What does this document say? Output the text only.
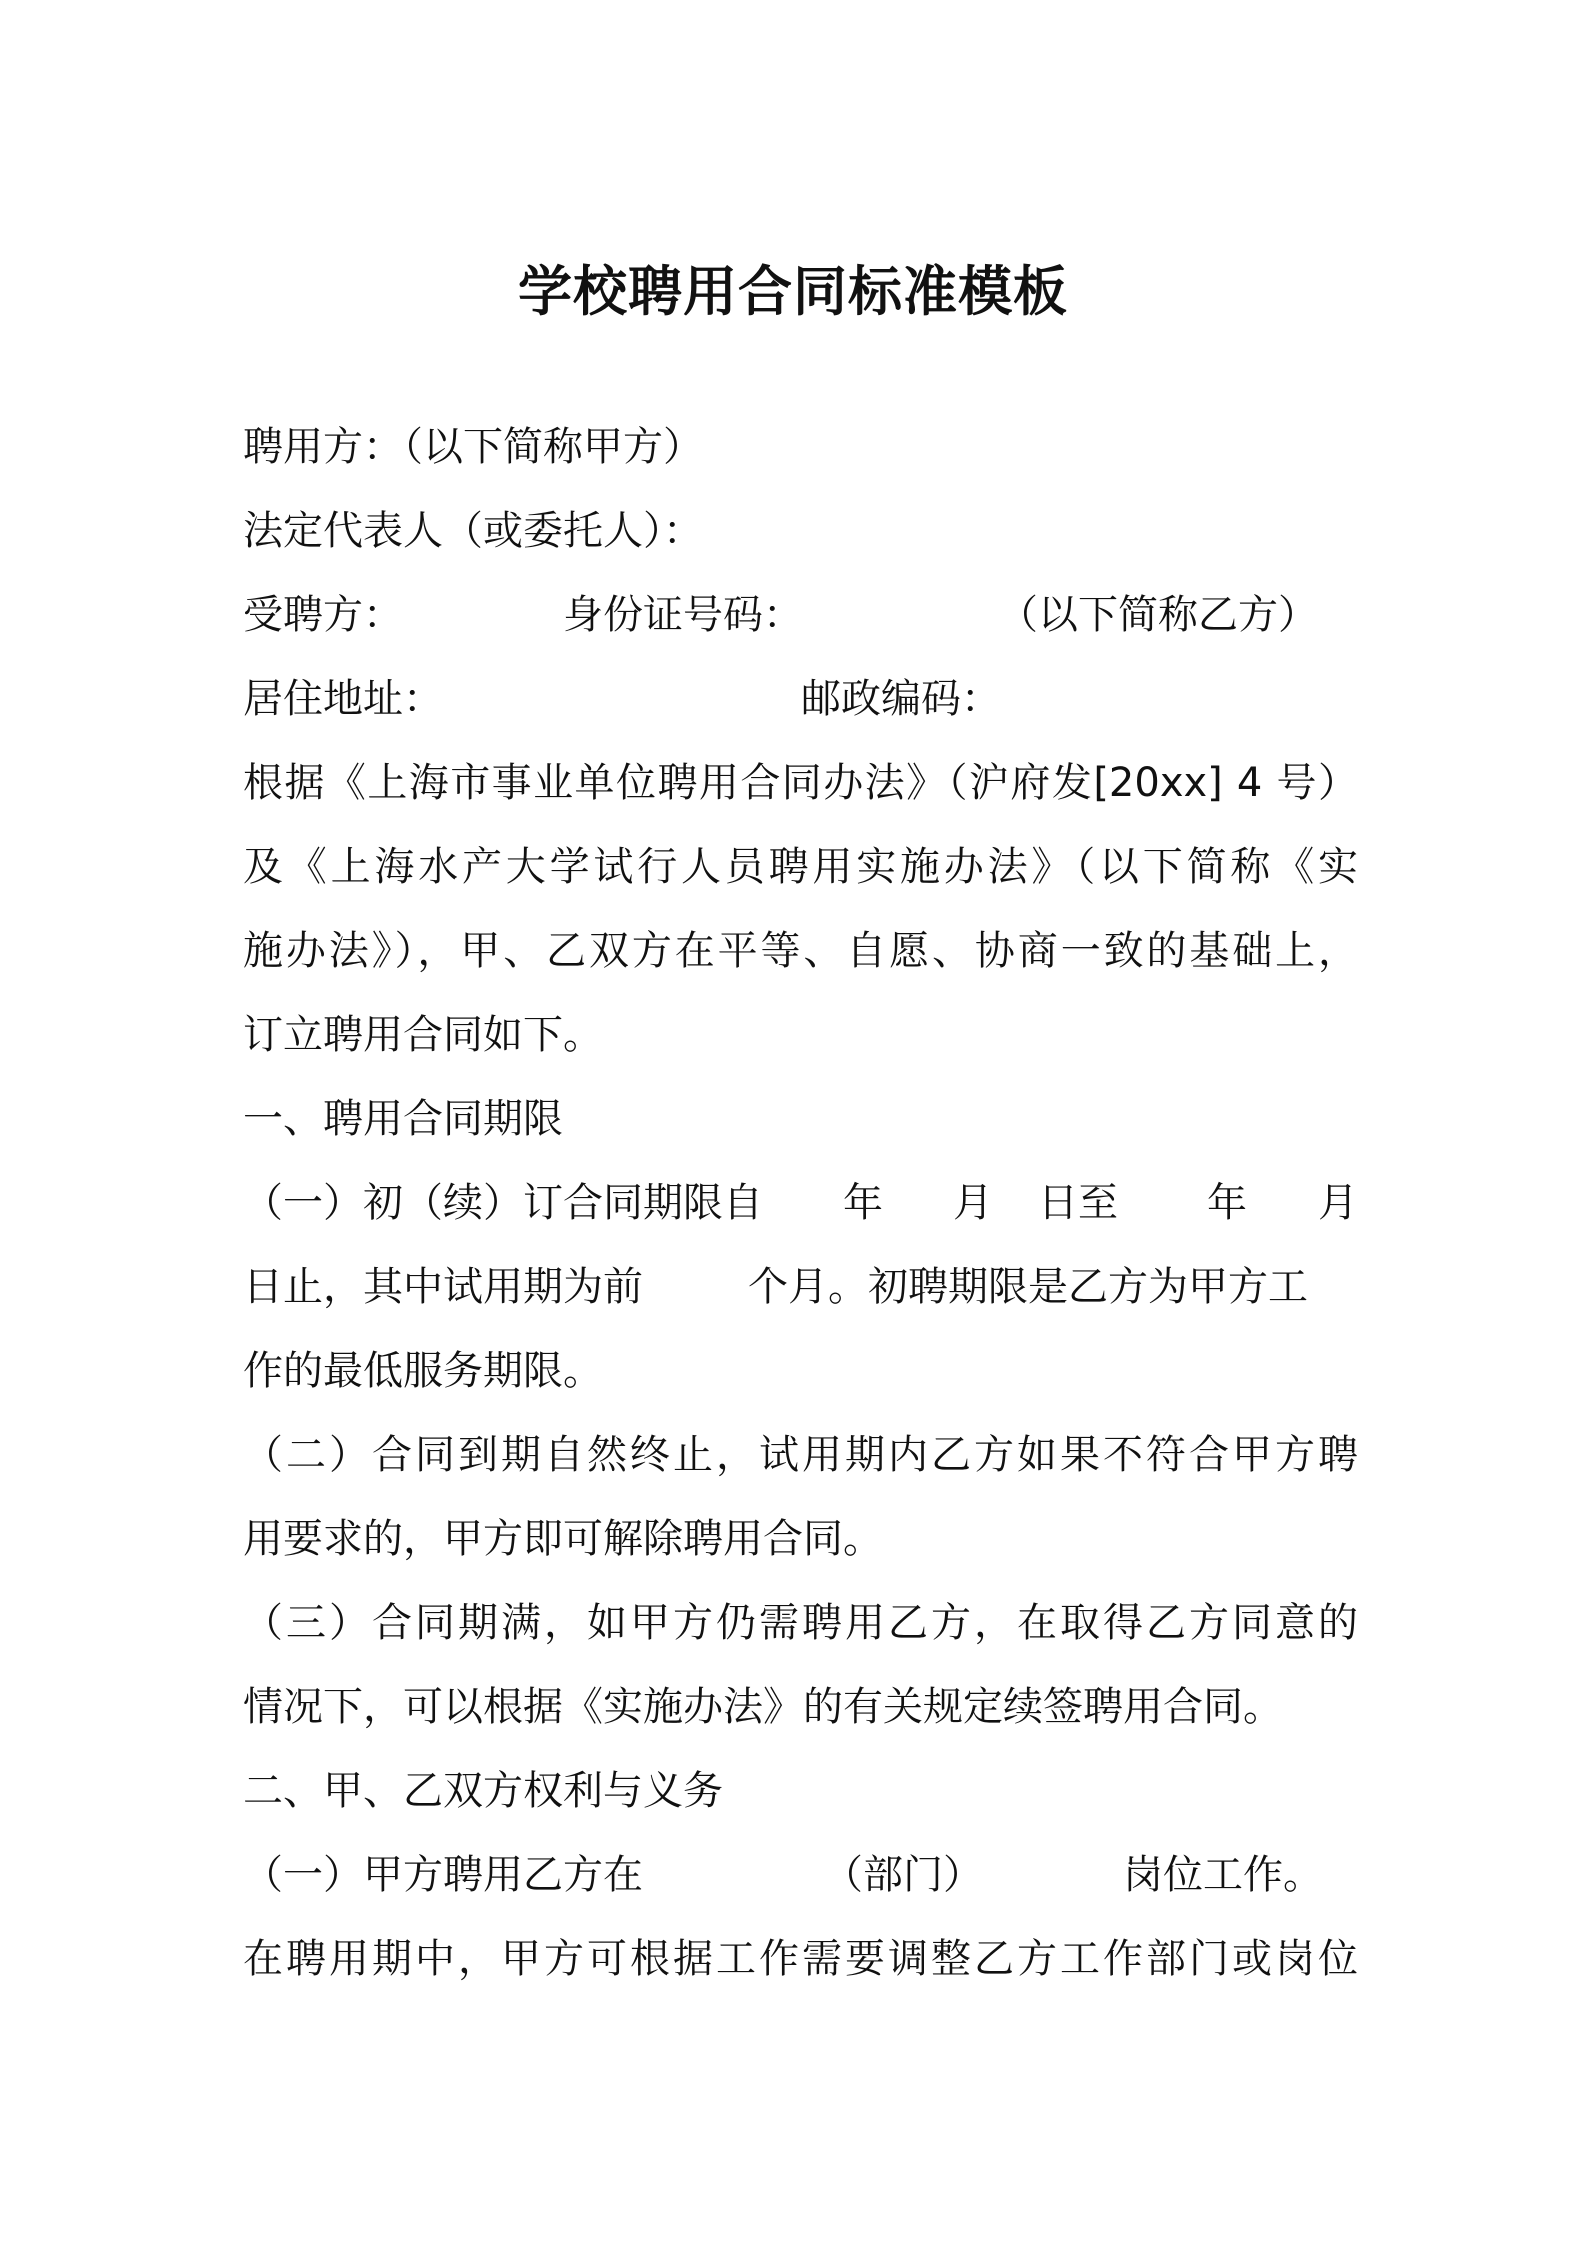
学校聘用合同标准模板
聘用方：（以下简称甲方）
法定代表人（或委托人）：
受聘方：	身份证号码：	（以下简称乙方）
居住地址：	邮政编码：
根据《上海市事业单位聘用合同办法》（沪府发[20xx] 4 号）
及《上海水产大学试行人员聘用实施办法》（以下简称《实
施办法》），甲、乙双方在平等、自愿、协商一致的基础上，
订立聘用合同如下。
一、聘用合同期限
（一）初（续）订合同期限自 年 月 日至 年 月
日止，其中试用期为前	个月。初聘期限是乙方为甲方工
作的最低服务期限。
（二）合同到期自然终止，试用期内乙方如果不符合甲方聘
用要求的，甲方即可解除聘用合同。
（三）合同期满，如甲方仍需聘用乙方，在取得乙方同意的
情况下，可以根据《实施办法》的有关规定续签聘用合同。
二、甲、乙双方权利与义务
（一）甲方聘用乙方在	（部门）	岗位工作。
在聘用期中，甲方可根据工作需要调整乙方工作部门或岗位
